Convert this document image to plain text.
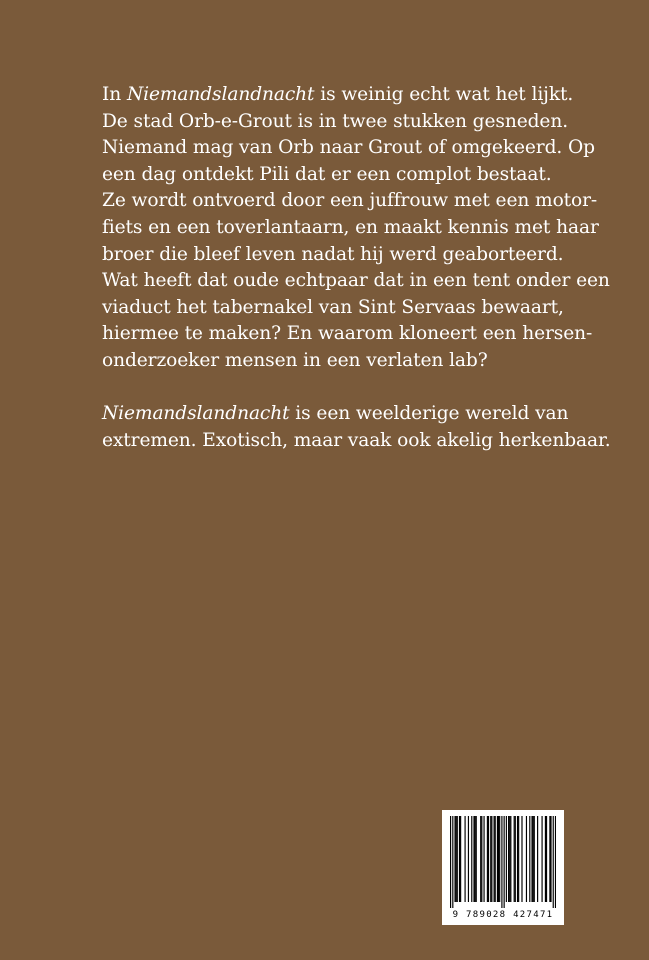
In Niemandslandnacht is weinig echt wat het lijkt.
De stad Orb-e-Grout is in twee stukken gesneden.
Niemand mag van Orb naar Grout of omgekeerd. Op
een dag ontdekt Pili dat er een complot bestaat.
Ze wordt ontvoerd door een juffrouw met een motor-
fiets en een toverlantaarn, en maakt kennis met haar
broer die bleef leven nadat hij werd geaborteerd.
Wat heeft dat oude echtpaar dat in een tent onder een
viaduct het tabernakel van Sint Servaas bewaart,
hiermee te maken? En waarom kloneert een hersen-
onderzoeker mensen in een verlaten lab?

Niemandslandnacht is een weelderige wereld van
extremen. Exotisch, maar vaak ook akelig herkenbaar.

9 789028 427471
